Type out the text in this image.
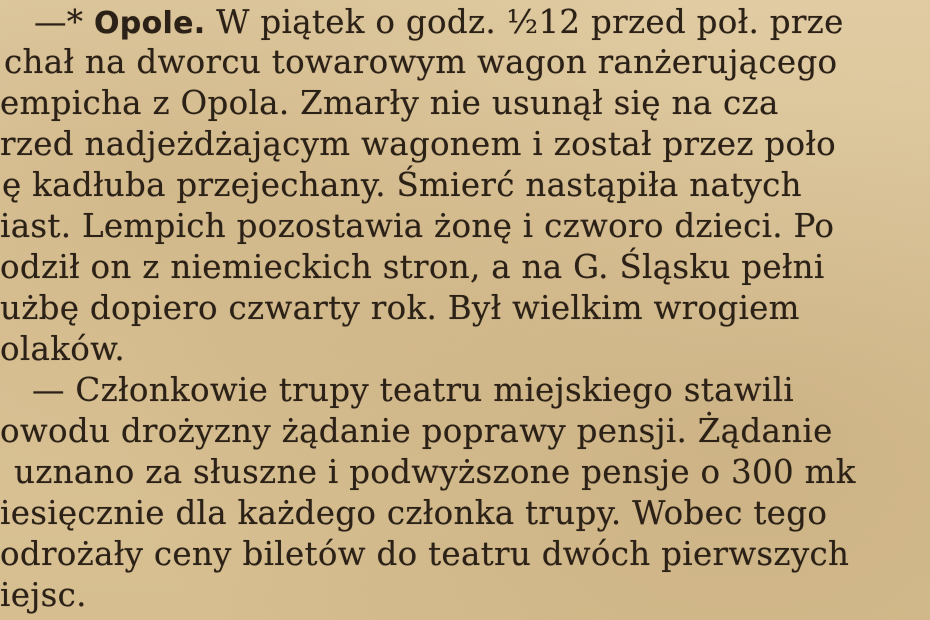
—* Opole. W piątek o godz. ½12 przed poł. prze
chał na dworcu towarowym wagon ranżerującego
empicha z Opola. Zmarły nie usunął się na cza
rzed nadjeżdżającym wagonem i został przez poło
ę kadłuba przejechany. Śmierć nastąpiła natych
iast. Lempich pozostawia żonę i czworo dzieci. Po
odził on z niemieckich stron, a na G. Śląsku pełni
użbę dopiero czwarty rok. Był wielkim wrogiem
olaków.
— Członkowie trupy teatru miejskiego stawili
owodu drożyzny żądanie poprawy pensji. Żądanie
uznano za słuszne i podwyższone pensje o 300 mk
iesięcznie dla każdego członka trupy. Wobec tego
odrożały ceny biletów do teatru dwóch pierwszych
iejsc.
